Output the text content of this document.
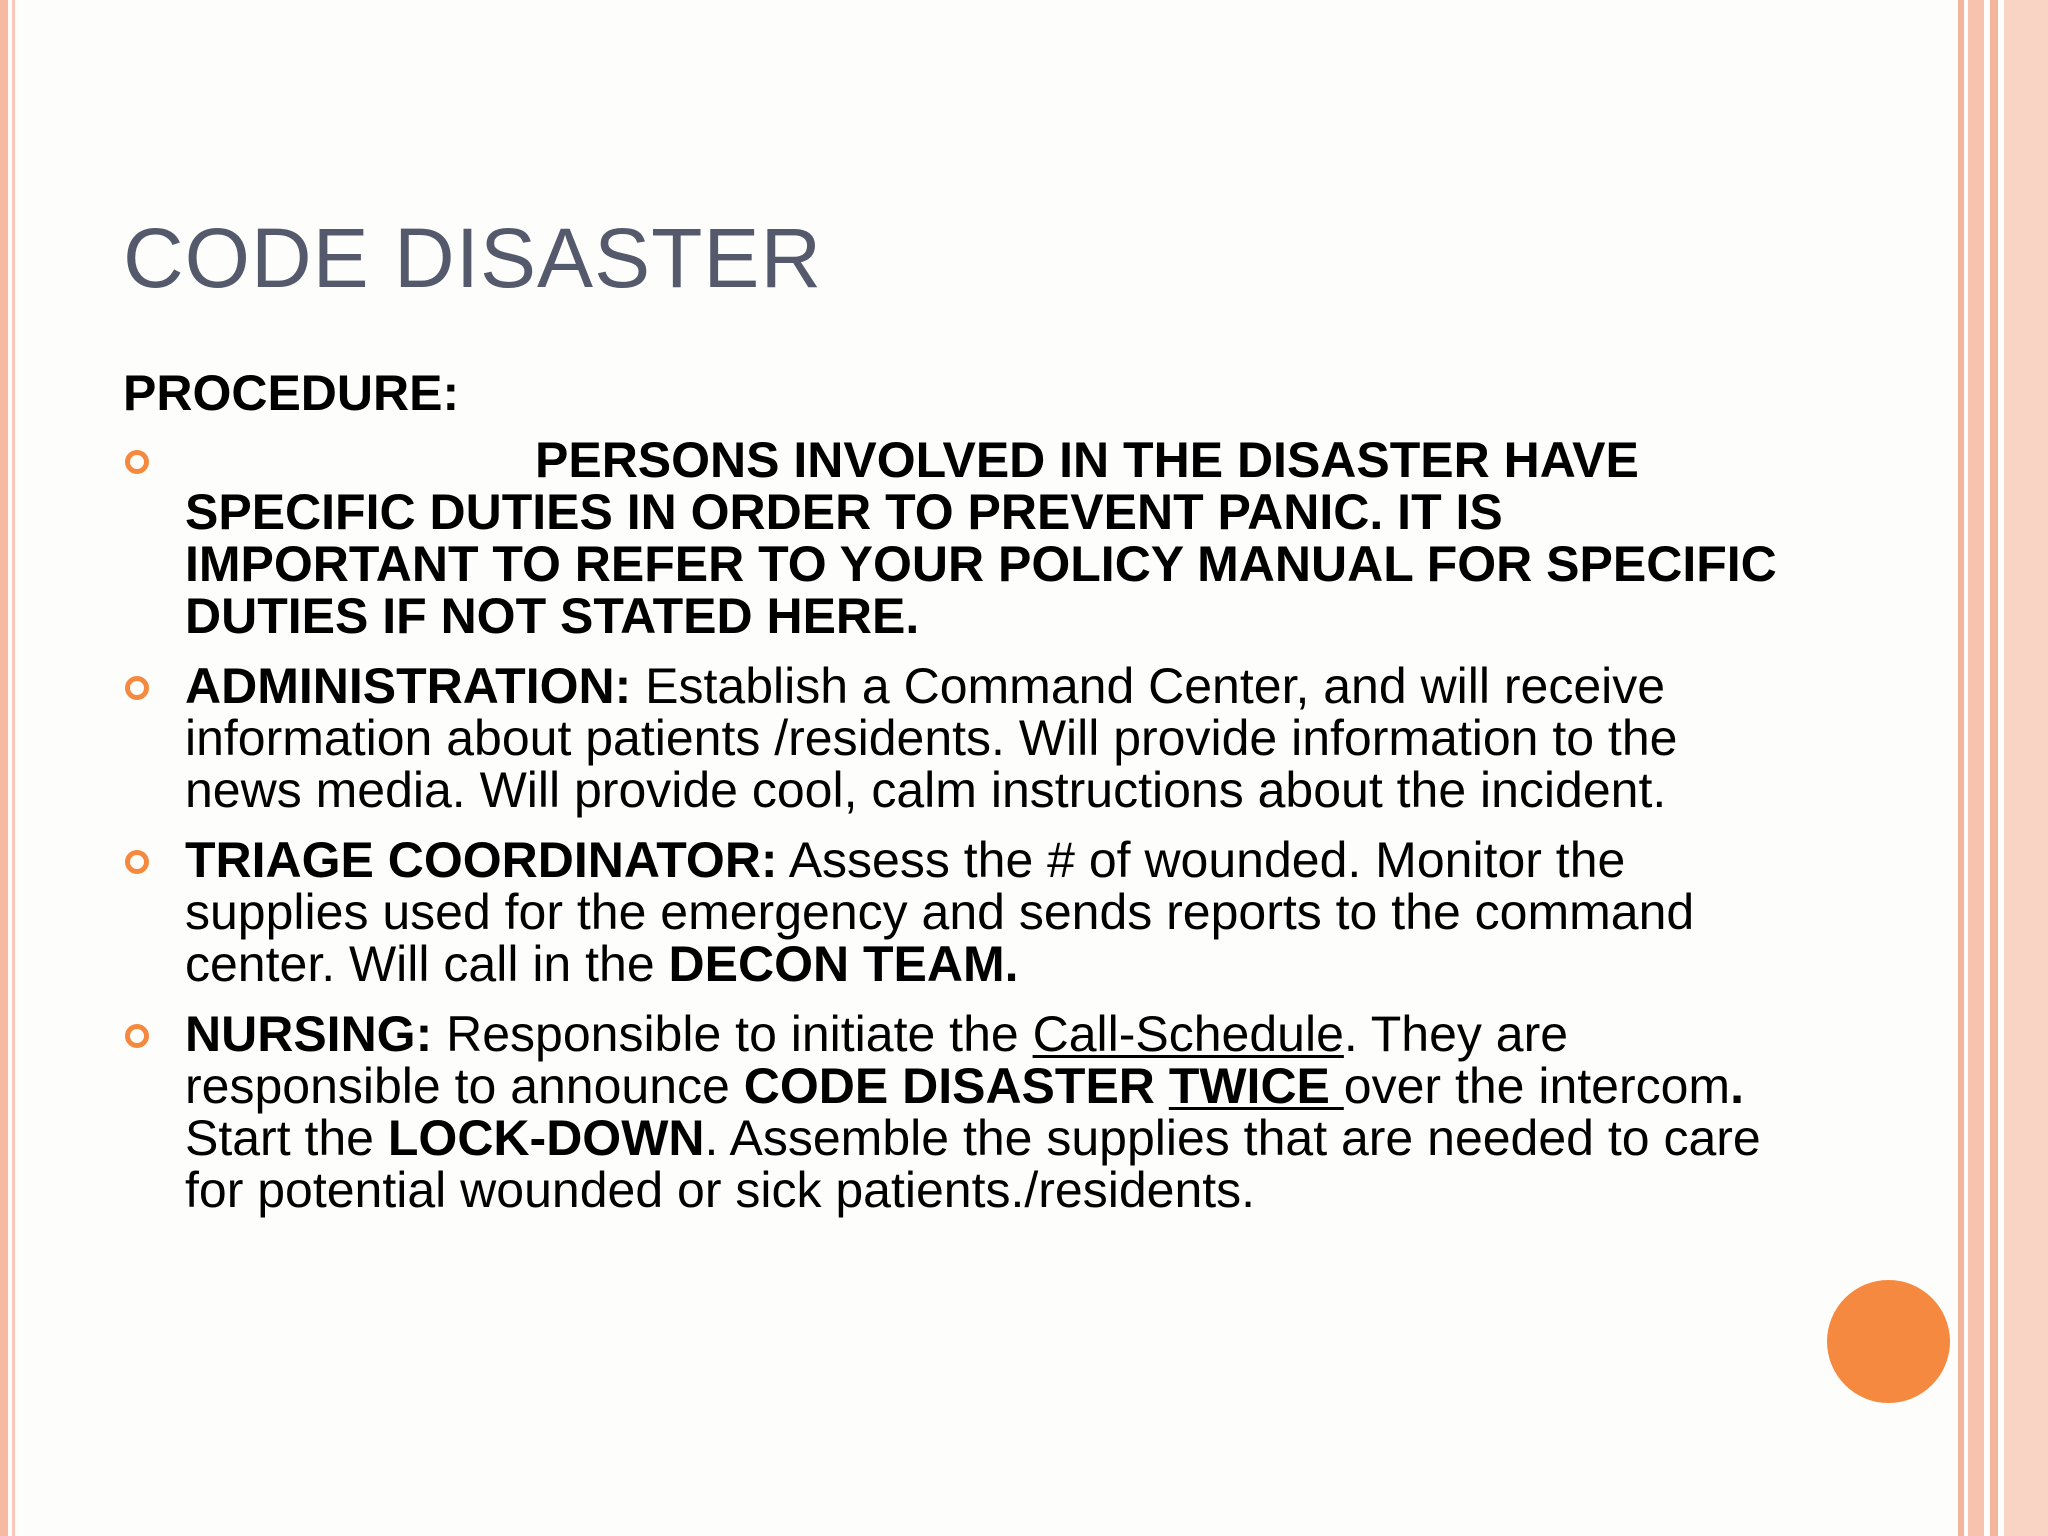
CODE DISASTER
PROCEDURE:
PERSONS INVOLVED IN THE DISASTER HAVE SPECIFIC DUTIES IN ORDER TO PREVENT PANIC. IT IS IMPORTANT TO REFER TO YOUR POLICY MANUAL FOR SPECIFIC DUTIES IF NOT STATED HERE.
ADMINISTRATION: Establish a Command Center, and will receive information about patients /residents. Will provide information to the news media. Will provide cool, calm instructions about the incident.
TRIAGE COORDINATOR: Assess the # of wounded. Monitor the supplies used for the emergency and sends reports to the command center. Will call in the DECON TEAM.
NURSING: Responsible to initiate the Call-Schedule. They are responsible to announce CODE DISASTER TWICE over the intercom. Start the LOCK-DOWN. Assemble the supplies that are needed to care for potential wounded or sick patients./residents.
